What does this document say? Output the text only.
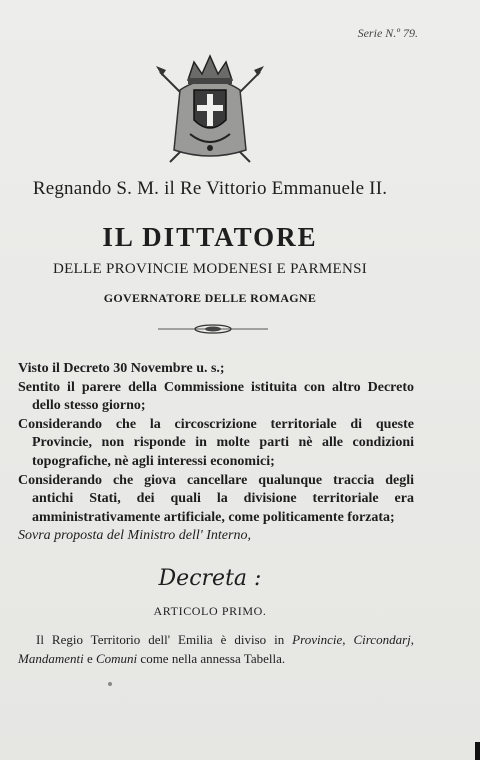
Serie N.º 79.
Regnando S. M. il Re Vittorio Emmanuele II.
IL DITTATORE
DELLE PROVINCIE MODENESI E PARMENSI
GOVERNATORE DELLE ROMAGNE

Visto il Decreto 30 Novembre u. s.;

Sentito il parere della Commissione istituita con altro Decreto dello stesso giorno;

Considerando che la circoscrizione territoriale di queste Provincie, non risponde in molte parti nè alle condizioni topografiche, nè agli interessi economici;

Considerando che giova cancellare qualunque traccia degli antichi Stati, dei quali la divisione territoriale era amministrativamente artificiale, come politicamente forzata;

Sovra proposta del Ministro dell' Interno,

Decreta :
ARTICOLO PRIMO.
Il Regio Territorio dell' Emilia è diviso in Provincie, Circondarj, Mandamenti e Comuni come nella annessa Tabella.
